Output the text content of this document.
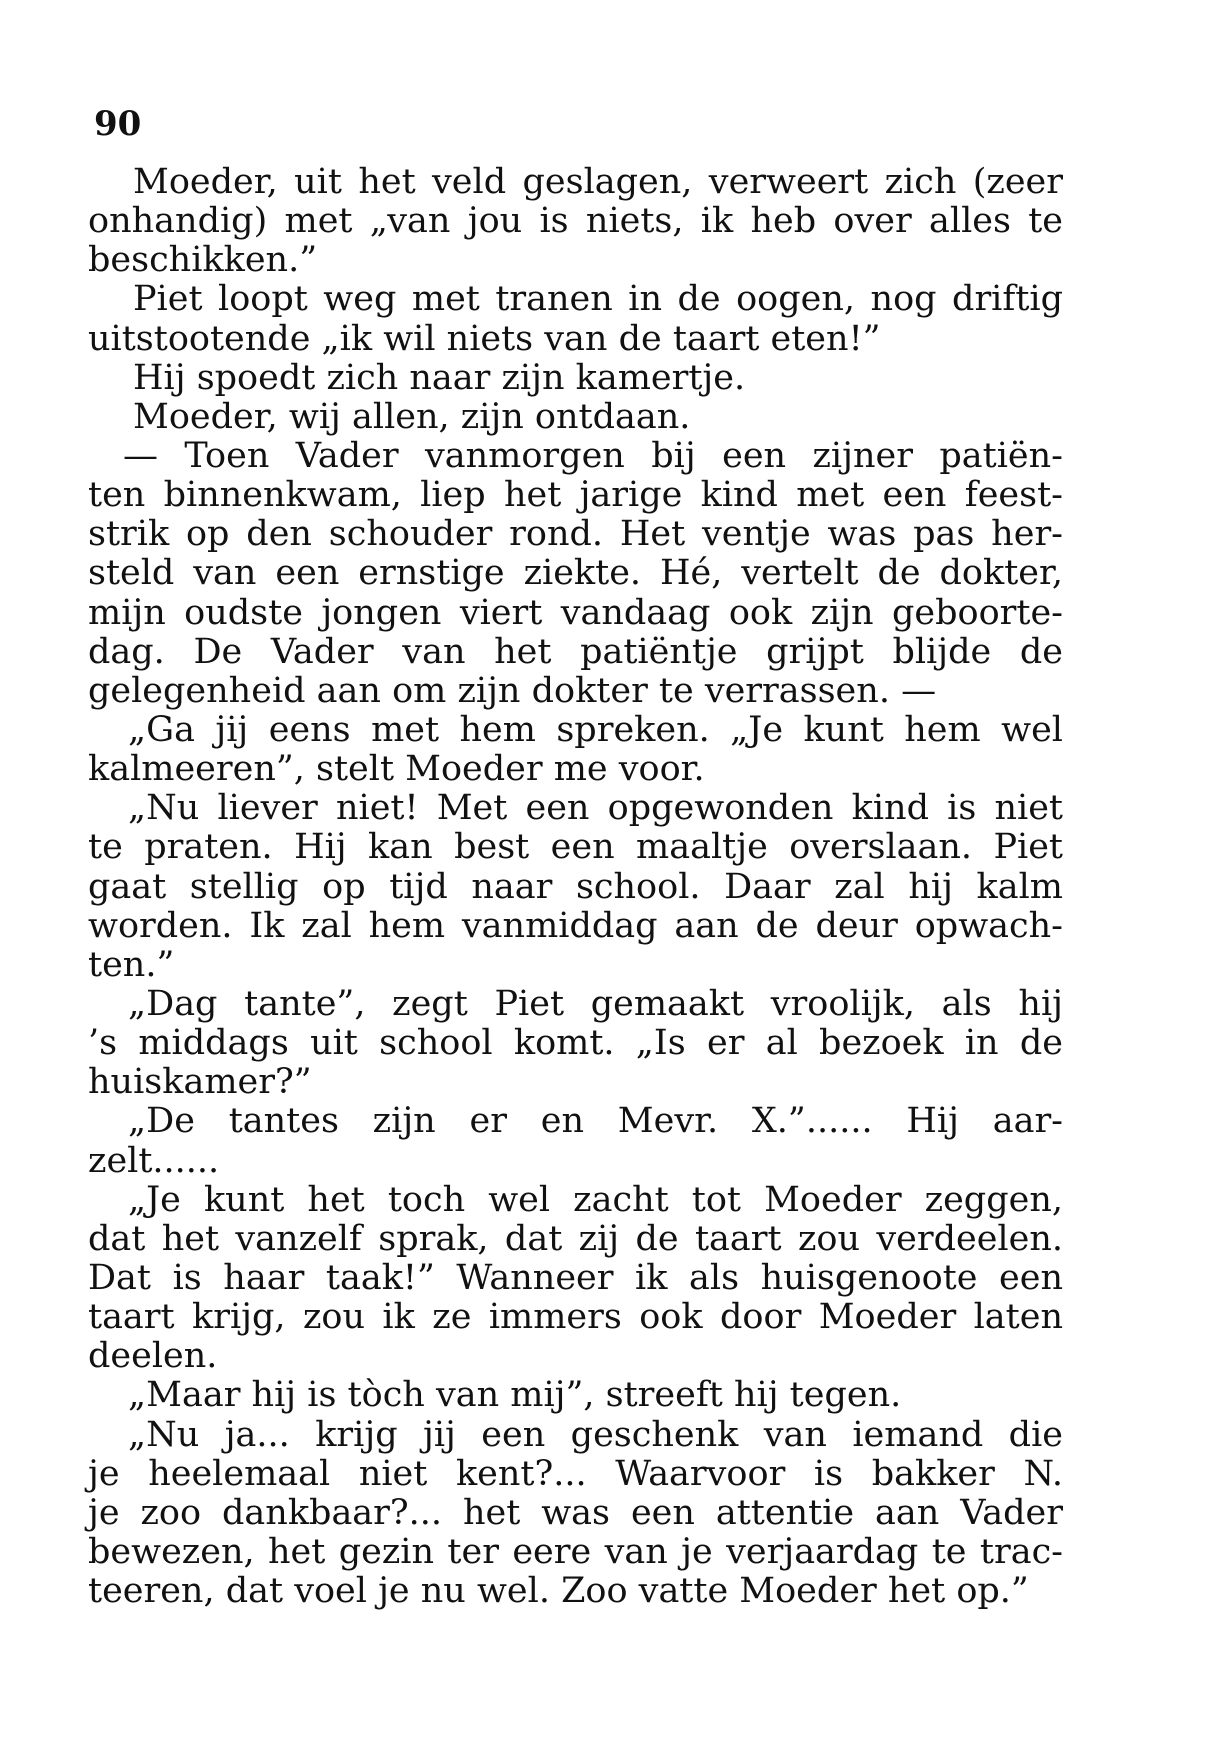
90

Moeder, uit het veld geslagen, verweert zich (zeer
onhandig) met „van jou is niets, ik heb over alles te
beschikken.”
Piet loopt weg met tranen in de oogen, nog driftig
uitstootende „ik wil niets van de taart eten!”
Hij spoedt zich naar zijn kamertje.
Moeder, wij allen, zijn ontdaan.
— Toen Vader vanmorgen bij een zijner patiën-
ten binnenkwam, liep het jarige kind met een feest-
strik op den schouder rond. Het ventje was pas her-
steld van een ernstige ziekte. Hé, vertelt de dokter,
mijn oudste jongen viert vandaag ook zijn geboorte-
dag. De Vader van het patiëntje grijpt blijde de
gelegenheid aan om zijn dokter te verrassen. —
„Ga jij eens met hem spreken. „Je kunt hem wel
kalmeeren”, stelt Moeder me voor.
„Nu liever niet! Met een opgewonden kind is niet
te praten. Hij kan best een maaltje overslaan. Piet
gaat stellig op tijd naar school. Daar zal hij kalm
worden. Ik zal hem vanmiddag aan de deur opwach-
ten.”
„Dag tante”, zegt Piet gemaakt vroolijk, als hij
’s middags uit school komt. „Is er al bezoek in de
huiskamer?”
„De tantes zijn er en Mevr. X.”...... Hij aar-
zelt......
„Je kunt het toch wel zacht tot Moeder zeggen,
dat het vanzelf sprak, dat zij de taart zou verdeelen.
Dat is haar taak!” Wanneer ik als huisgenoote een
taart krijg, zou ik ze immers ook door Moeder laten
deelen.
„Maar hij is tòch van mij”, streeft hij tegen.
„Nu ja... krijg jij een geschenk van iemand die
je heelemaal niet kent?... Waarvoor is bakker N.
je zoo dankbaar?... het was een attentie aan Vader
bewezen, het gezin ter eere van je verjaardag te trac-
teeren, dat voel je nu wel. Zoo vatte Moeder het op.”
